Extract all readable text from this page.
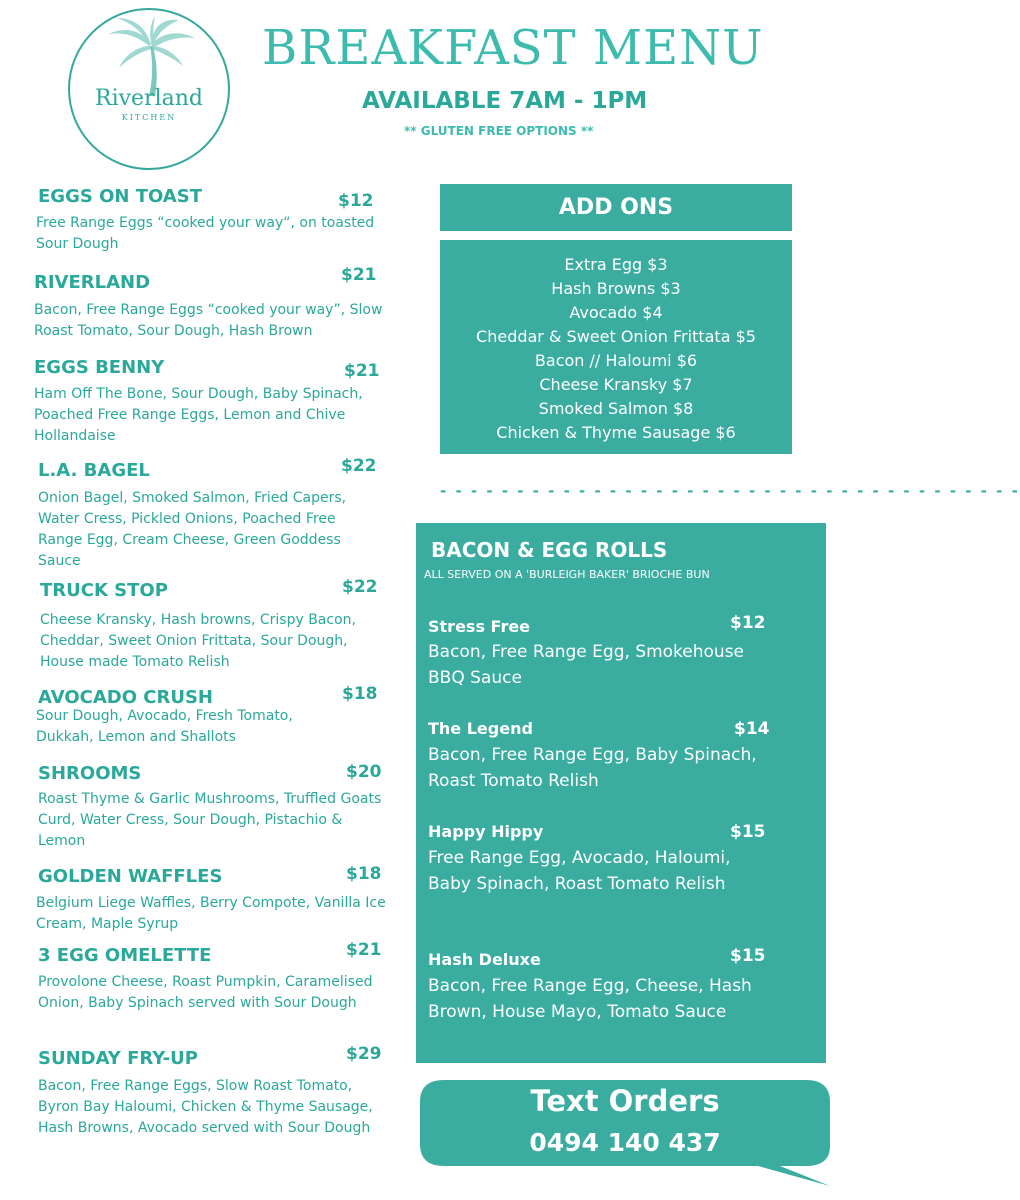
Riverland
KITCHEN
BREAKFAST MENU
AVAILABLE 7AM - 1PM
** GLUTEN FREE OPTIONS **
EGGS ON TOAST	$12
Free Range Eggs “cooked your way“, on toasted Sour Dough
RIVERLAND	$21
Bacon, Free Range Eggs “cooked your way”, Slow Roast Tomato, Sour Dough, Hash Brown
EGGS BENNY	$21
Ham Off The Bone, Sour Dough, Baby Spinach, Poached Free Range Eggs, Lemon and Chive Hollandaise
L.A. BAGEL	$22
Onion Bagel, Smoked Salmon, Fried Capers, Water Cress, Pickled Onions, Poached Free Range Egg, Cream Cheese, Green Goddess Sauce
TRUCK STOP	$22
Cheese Kransky, Hash browns, Crispy Bacon, Cheddar, Sweet Onion Frittata, Sour Dough, House made Tomato Relish
AVOCADO CRUSH	$18
Sour Dough, Avocado, Fresh Tomato, Dukkah, Lemon and Shallots
SHROOMS	$20
Roast Thyme & Garlic Mushrooms, Truffled Goats Curd, Water Cress, Sour Dough, Pistachio & Lemon
GOLDEN WAFFLES	$18
Belgium Liege Waffles, Berry Compote, Vanilla Ice Cream, Maple Syrup
3 EGG OMELETTE	$21
Provolone Cheese, Roast Pumpkin, Caramelised Onion, Baby Spinach served with Sour Dough
SUNDAY FRY-UP	$29
Bacon, Free Range Eggs, Slow Roast Tomato, Byron Bay Haloumi, Chicken & Thyme Sausage, Hash Browns, Avocado served with Sour Dough
ADD ONS
Extra Egg $3
Hash Browns $3
Avocado $4
Cheddar & Sweet Onion Frittata $5
Bacon // Haloumi $6
Cheese Kransky $7
Smoked Salmon $8
Chicken & Thyme Sausage $6
- - - - - - - - - - - - - - - - - - - - - - - - - - - - - - - - - - - - - -
BACON & EGG ROLLS
ALL SERVED ON A 'BURLEIGH BAKER' BRIOCHE BUN
Stress Free	$12
Bacon, Free Range Egg, Smokehouse BBQ Sauce
The Legend	$14
Bacon, Free Range Egg, Baby Spinach, Roast Tomato Relish
Happy Hippy	$15
Free Range Egg, Avocado, Haloumi, Baby Spinach, Roast Tomato Relish
Hash Deluxe	$15
Bacon, Free Range Egg, Cheese, Hash Brown, House Mayo, Tomato Sauce
Text Orders
0494 140 437
